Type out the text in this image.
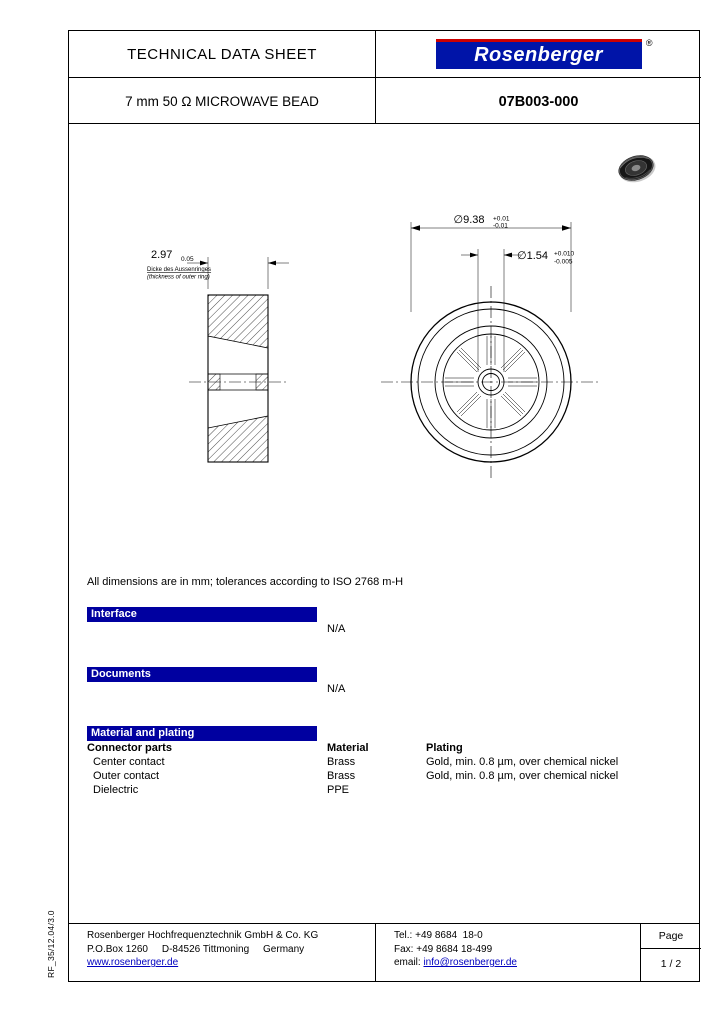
TECHNICAL DATA SHEET	Rosenberger
®
7 mm 50 Ω MICROWAVE BEAD	07B003-000
2.97 0.05
Dicke des Aussenringes
(thickness of outer ring)
∅9.38 +0.01
-0.01
∅1.54 +0.010
-0.005
All dimensions are in mm; tolerances according to ISO 2768 m-H
Interface
N/A
Documents
N/A
Material and plating
Connector parts	Material	Plating
Center contact	Brass	Gold, min. 0.8 µm, over chemical nickel
Outer contact	Brass	Gold, min. 0.8 µm, over chemical nickel
Dielectric	PPE
Rosenberger Hochfrequenztechnik GmbH & Co. KG
P.O.Box 1260     D-84526 Tittmoning     Germany
www.rosenberger.de
Tel.: +49 8684  18-0
Fax: +49 8684 18-499
email: info@rosenberger.de
Page
1 / 2
RF_35/12.04/3.0
